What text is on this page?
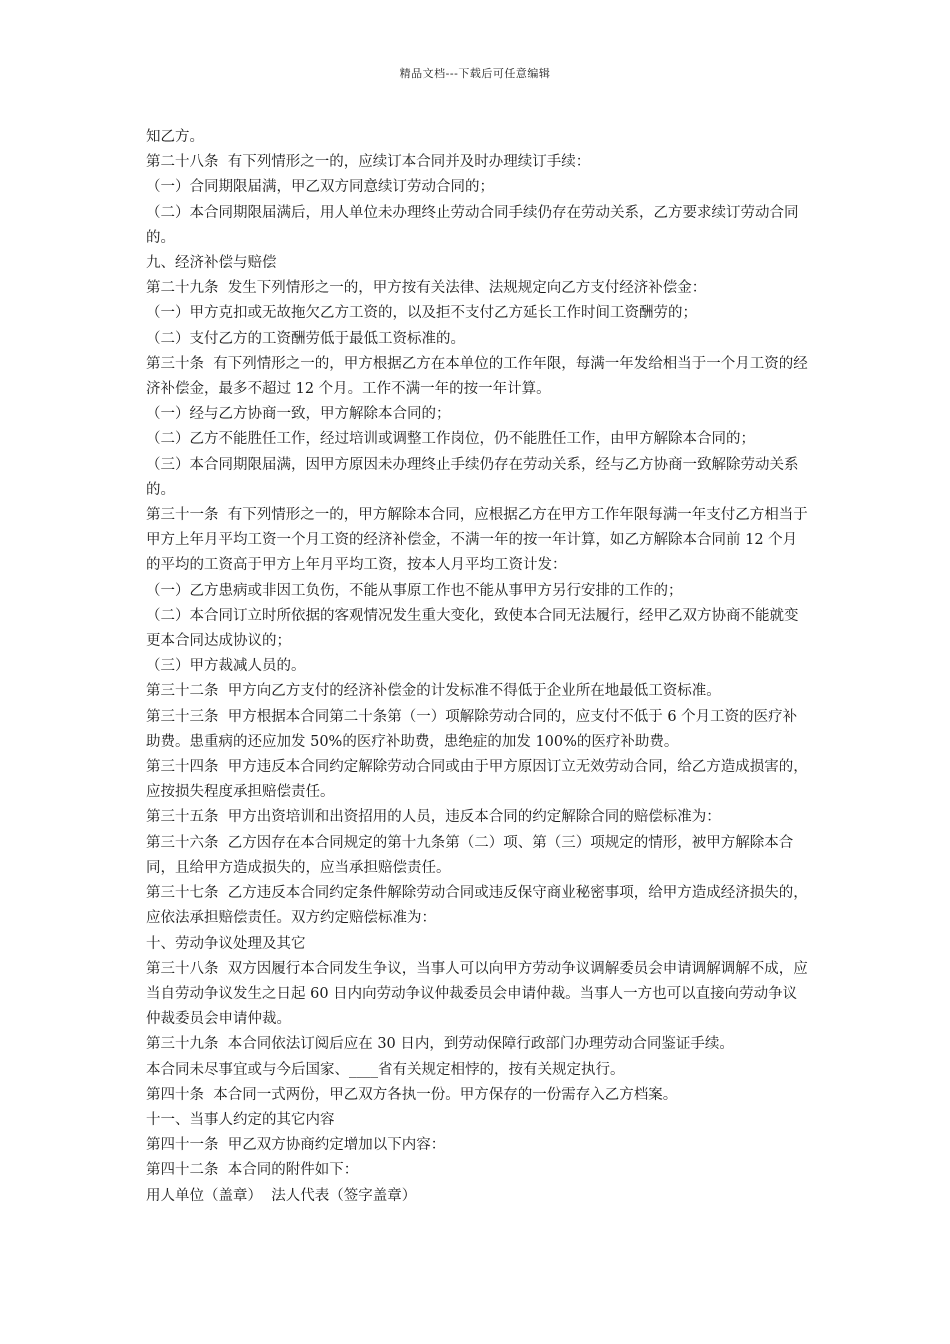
精品文档---下载后可任意编辑

知乙方。

第二十八条  有下列情形之一的，应续订本合同并及时办理续订手续：

（一）合同期限届满，甲乙双方同意续订劳动合同的；

（二）本合同期限届满后，用人单位未办理终止劳动合同手续仍存在劳动关系，乙方要求续订劳动合同的。

九、经济补偿与赔偿

第二十九条  发生下列情形之一的，甲方按有关法律、法规规定向乙方支付经济补偿金：

（一）甲方克扣或无故拖欠乙方工资的，以及拒不支付乙方延长工作时间工资酬劳的；

（二）支付乙方的工资酬劳低于最低工资标准的。

第三十条  有下列情形之一的，甲方根据乙方在本单位的工作年限，每满一年发给相当于一个月工资的经济补偿金，最多不超过 12 个月。工作不满一年的按一年计算。

（一）经与乙方协商一致，甲方解除本合同的；

（二）乙方不能胜任工作，经过培训或调整工作岗位，仍不能胜任工作，由甲方解除本合同的；

（三）本合同期限届满，因甲方原因未办理终止手续仍存在劳动关系，经与乙方协商一致解除劳动关系的。

第三十一条  有下列情形之一的，甲方解除本合同，应根据乙方在甲方工作年限每满一年支付乙方相当于甲方上年月平均工资一个月工资的经济补偿金，不满一年的按一年计算，如乙方解除本合同前 12 个月的平均的工资高于甲方上年月平均工资，按本人月平均工资计发：

（一）乙方患病或非因工负伤，不能从事原工作也不能从事甲方另行安排的工作的；

（二）本合同订立时所依据的客观情况发生重大变化，致使本合同无法履行，经甲乙双方协商不能就变更本合同达成协议的；

（三）甲方裁减人员的。

第三十二条  甲方向乙方支付的经济补偿金的计发标准不得低于企业所在地最低工资标准。

第三十三条  甲方根据本合同第二十条第（一）项解除劳动合同的，应支付不低于 6 个月工资的医疗补助费。患重病的还应加发 50%的医疗补助费，患绝症的加发 100%的医疗补助费。

第三十四条  甲方违反本合同约定解除劳动合同或由于甲方原因订立无效劳动合同，给乙方造成损害的，应按损失程度承担赔偿责任。

第三十五条  甲方出资培训和出资招用的人员，违反本合同的约定解除合同的赔偿标准为：

第三十六条  乙方因存在本合同规定的第十九条第（二）项、第（三）项规定的情形，被甲方解除本合同，且给甲方造成损失的，应当承担赔偿责任。

第三十七条  乙方违反本合同约定条件解除劳动合同或违反保守商业秘密事项，给甲方造成经济损失的，应依法承担赔偿责任。双方约定赔偿标准为：

十、劳动争议处理及其它

第三十八条  双方因履行本合同发生争议，当事人可以向甲方劳动争议调解委员会申请调解调解不成，应当自劳动争议发生之日起 60 日内向劳动争议仲裁委员会申请仲裁。当事人一方也可以直接向劳动争议仲裁委员会申请仲裁。

第三十九条  本合同依法订阅后应在 30 日内，到劳动保障行政部门办理劳动合同鉴证手续。

本合同未尽事宜或与今后国家、____省有关规定相悖的，按有关规定执行。

第四十条  本合同一式两份，甲乙双方各执一份。甲方保存的一份需存入乙方档案。

十一、当事人约定的其它内容

第四十一条  甲乙双方协商约定增加以下内容：

第四十二条  本合同的附件如下：

用人单位（盖章）  法人代表（签字盖章）
